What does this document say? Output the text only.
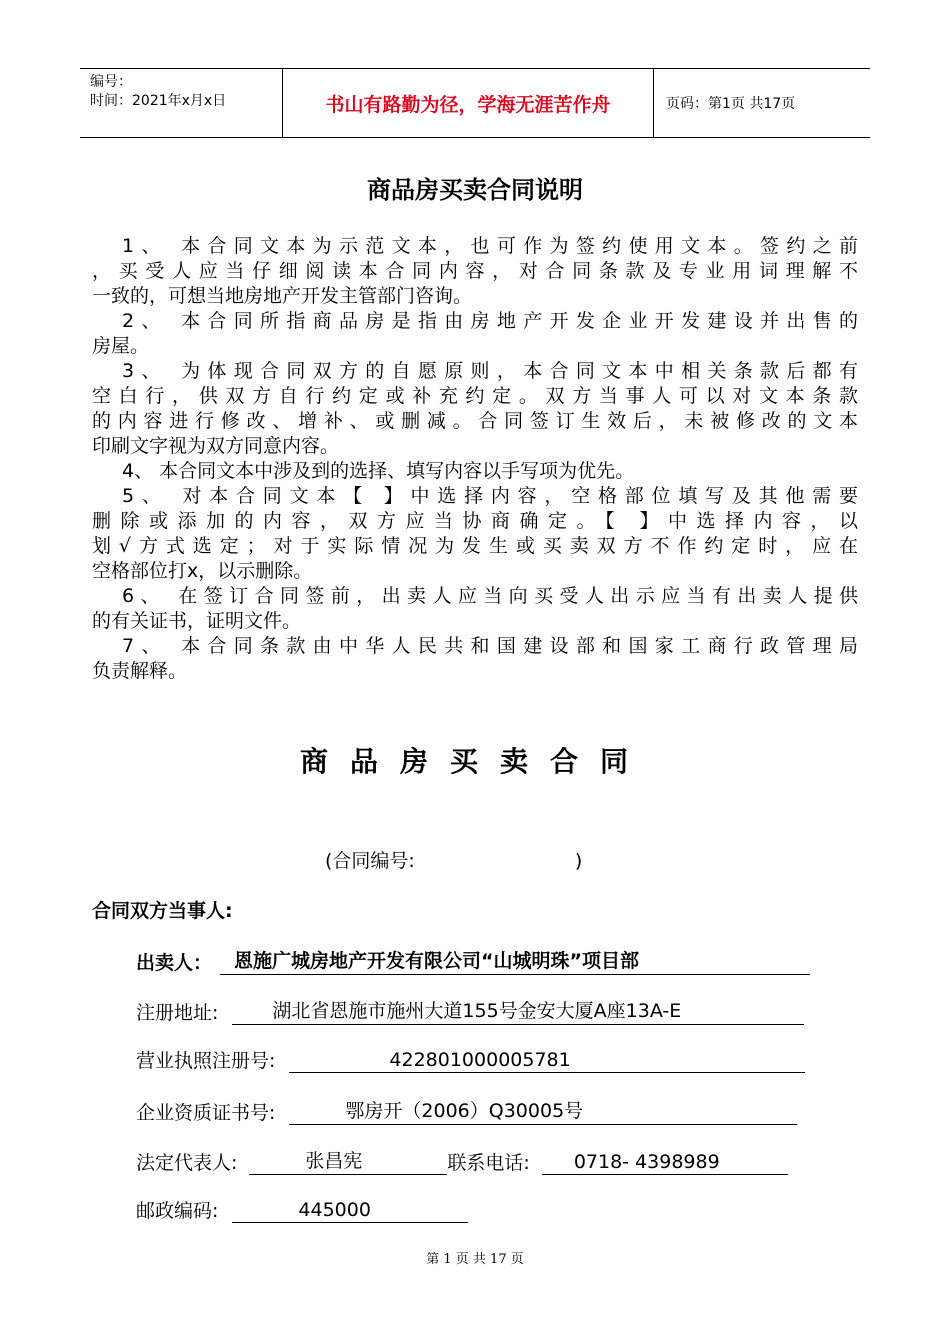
编号：
时间：2021年x月x日	书山有路勤为径，学海无涯苦作舟	页码：第1页 共17页
商品房买卖合同说明
1、 本合同文本为示范文本，也可作为签约使用文本。签约之前
，买受人应当仔细阅读本合同内容，对合同条款及专业用词理解不
一致的，可想当地房地产开发主管部门咨询。
2、 本合同所指商品房是指由房地产开发企业开发建设并出售的
房屋。
3、 为体现合同双方的自愿原则，本合同文本中相关条款后都有
空白行，供双方自行约定或补充约定。双方当事人可以对文本条款
的内容进行修改、增补、或删减。合同签订生效后，未被修改的文本
印刷文字视为双方同意内容。
4、 本合同文本中涉及到的选择、填写内容以手写项为优先。
5、 对本合同文本【 】中选择内容，空格部位填写及其他需要
删除或添加的内容，双方应当协商确定。【 】中选择内容，以
划√方式选定；对于实际情况为发生或买卖双方不作约定时，应在
空格部位打x，以示删除。
6、 在签订合同签前，出卖人应当向买受人出示应当有出卖人提供
的有关证书，证明文件。
7、 本合同条款由中华人民共和国建设部和国家工商行政管理局
负责解释。
商品房买卖合同
(合同编号:	)
合同双方当事人:
出卖人：	恩施广城房地产开发有限公司“山城明珠”项目部
注册地址:	湖北省恩施市施州大道155号金安大厦A座13A-E
营业执照注册号:	422801000005781
企业资质证书号:	鄂房开（2006）Q30005号
法定代表人:	张昌宪	联系电话:	0718- 4398989
邮政编码:	445000
第 1 页 共 17 页
